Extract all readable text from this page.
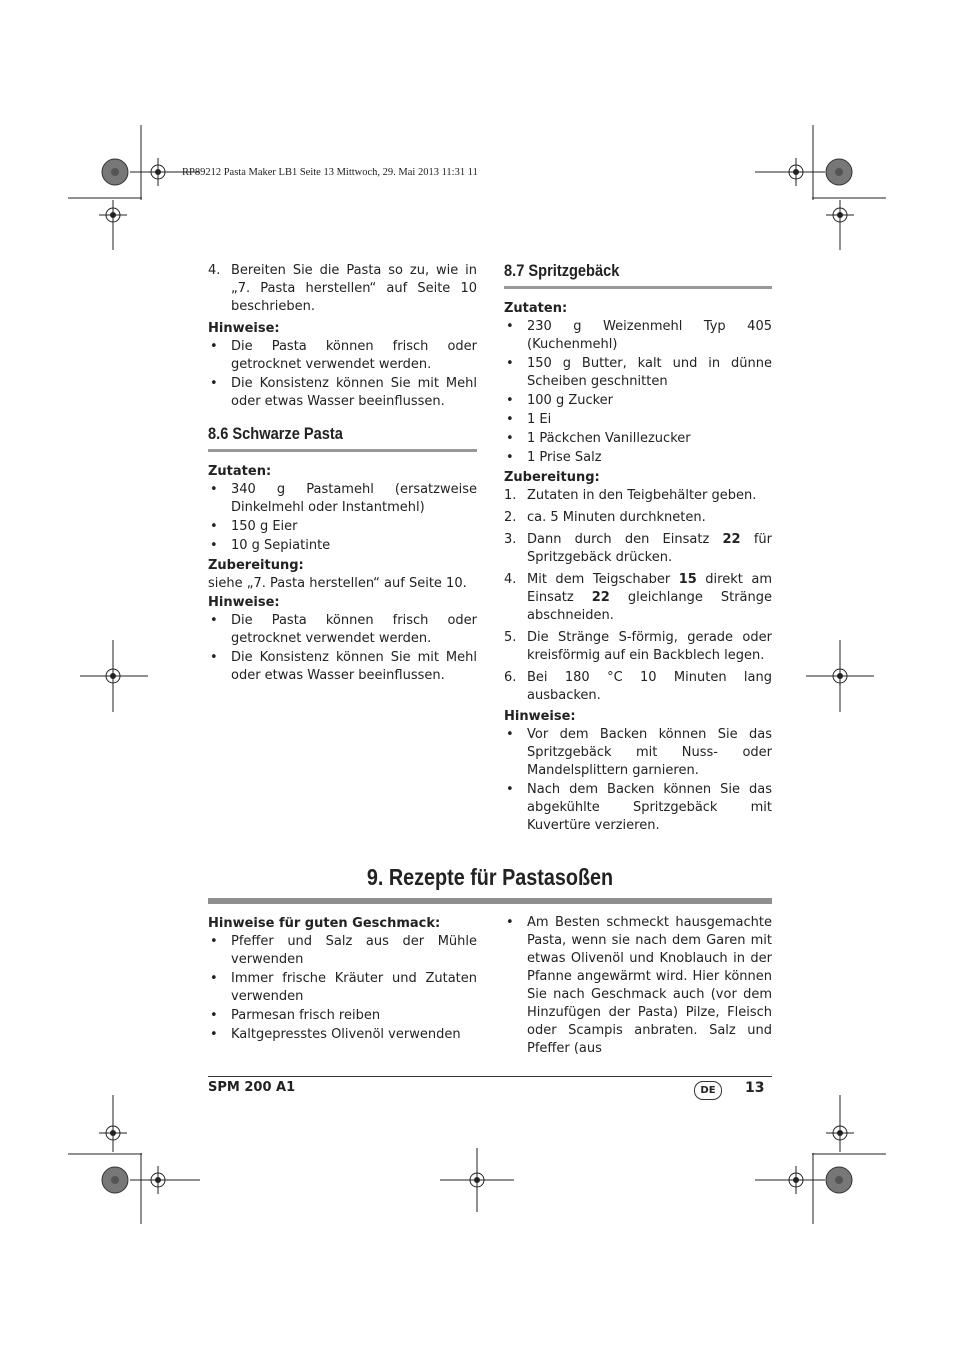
RP89212 Pasta Maker LB1 Seite 13 Mittwoch, 29. Mai 2013 11:31 11
4. Bereiten Sie die Pasta so zu, wie in „7. Pasta herstellen“ auf Seite 10 beschrieben.

Hinweise:

• Die Pasta können frisch oder getrocknet verwendet werden.
• Die Konsistenz können Sie mit Mehl oder etwas Wasser beeinflussen.
8.6 Schwarze Pasta

Zutaten:

• 340 g Pastamehl (ersatzweise Dinkelmehl oder Instantmehl)
• 150 g Eier
• 10 g Sepiatinte

Zubereitung:

siehe „7. Pasta herstellen“ auf Seite 10.

Hinweise:

• Die Pasta können frisch oder getrocknet verwendet werden.
• Die Konsistenz können Sie mit Mehl oder etwas Wasser beeinflussen.
8.7 Spritzgebäck

Zutaten:

• 230 g Weizenmehl Typ 405 (Kuchenmehl)
• 150 g Butter, kalt und in dünne Scheiben geschnitten
• 100 g Zucker
• 1 Ei
• 1 Päckchen Vanillezucker
• 1 Prise Salz

Zubereitung:

1. Zutaten in den Teigbehälter geben.
2. ca. 5 Minuten durchkneten.
3. Dann durch den Einsatz 22 für Spritzgebäck drücken.
4. Mit dem Teigschaber 15 direkt am Einsatz 22 gleichlange Stränge abschneiden.
5. Die Stränge S-förmig, gerade oder kreisförmig auf ein Backblech legen.
6. Bei 180 °C 10 Minuten lang ausbacken.

Hinweise:

• Vor dem Backen können Sie das Spritzgebäck mit Nuss- oder Mandelsplittern garnieren.
• Nach dem Backen können Sie das abgekühlte Spritzgebäck mit Kuvertüre verzieren.
9. Rezepte für Pastasoßen

Hinweise für guten Geschmack:

• Pfeffer und Salz aus der Mühle verwenden
• Immer frische Kräuter und Zutaten verwenden
• Parmesan frisch reiben
• Kaltgepresstes Olivenöl verwenden
• Am Besten schmeckt hausgemachte Pasta, wenn sie nach dem Garen mit etwas Olivenöl und Knoblauch in der Pfanne angewärmt wird. Hier können Sie nach Geschmack auch (vor dem Hinzufügen der Pasta) Pilze, Fleisch oder Scampis anbraten. Salz und Pfeffer (aus
SPM 200 A1	DE	13
